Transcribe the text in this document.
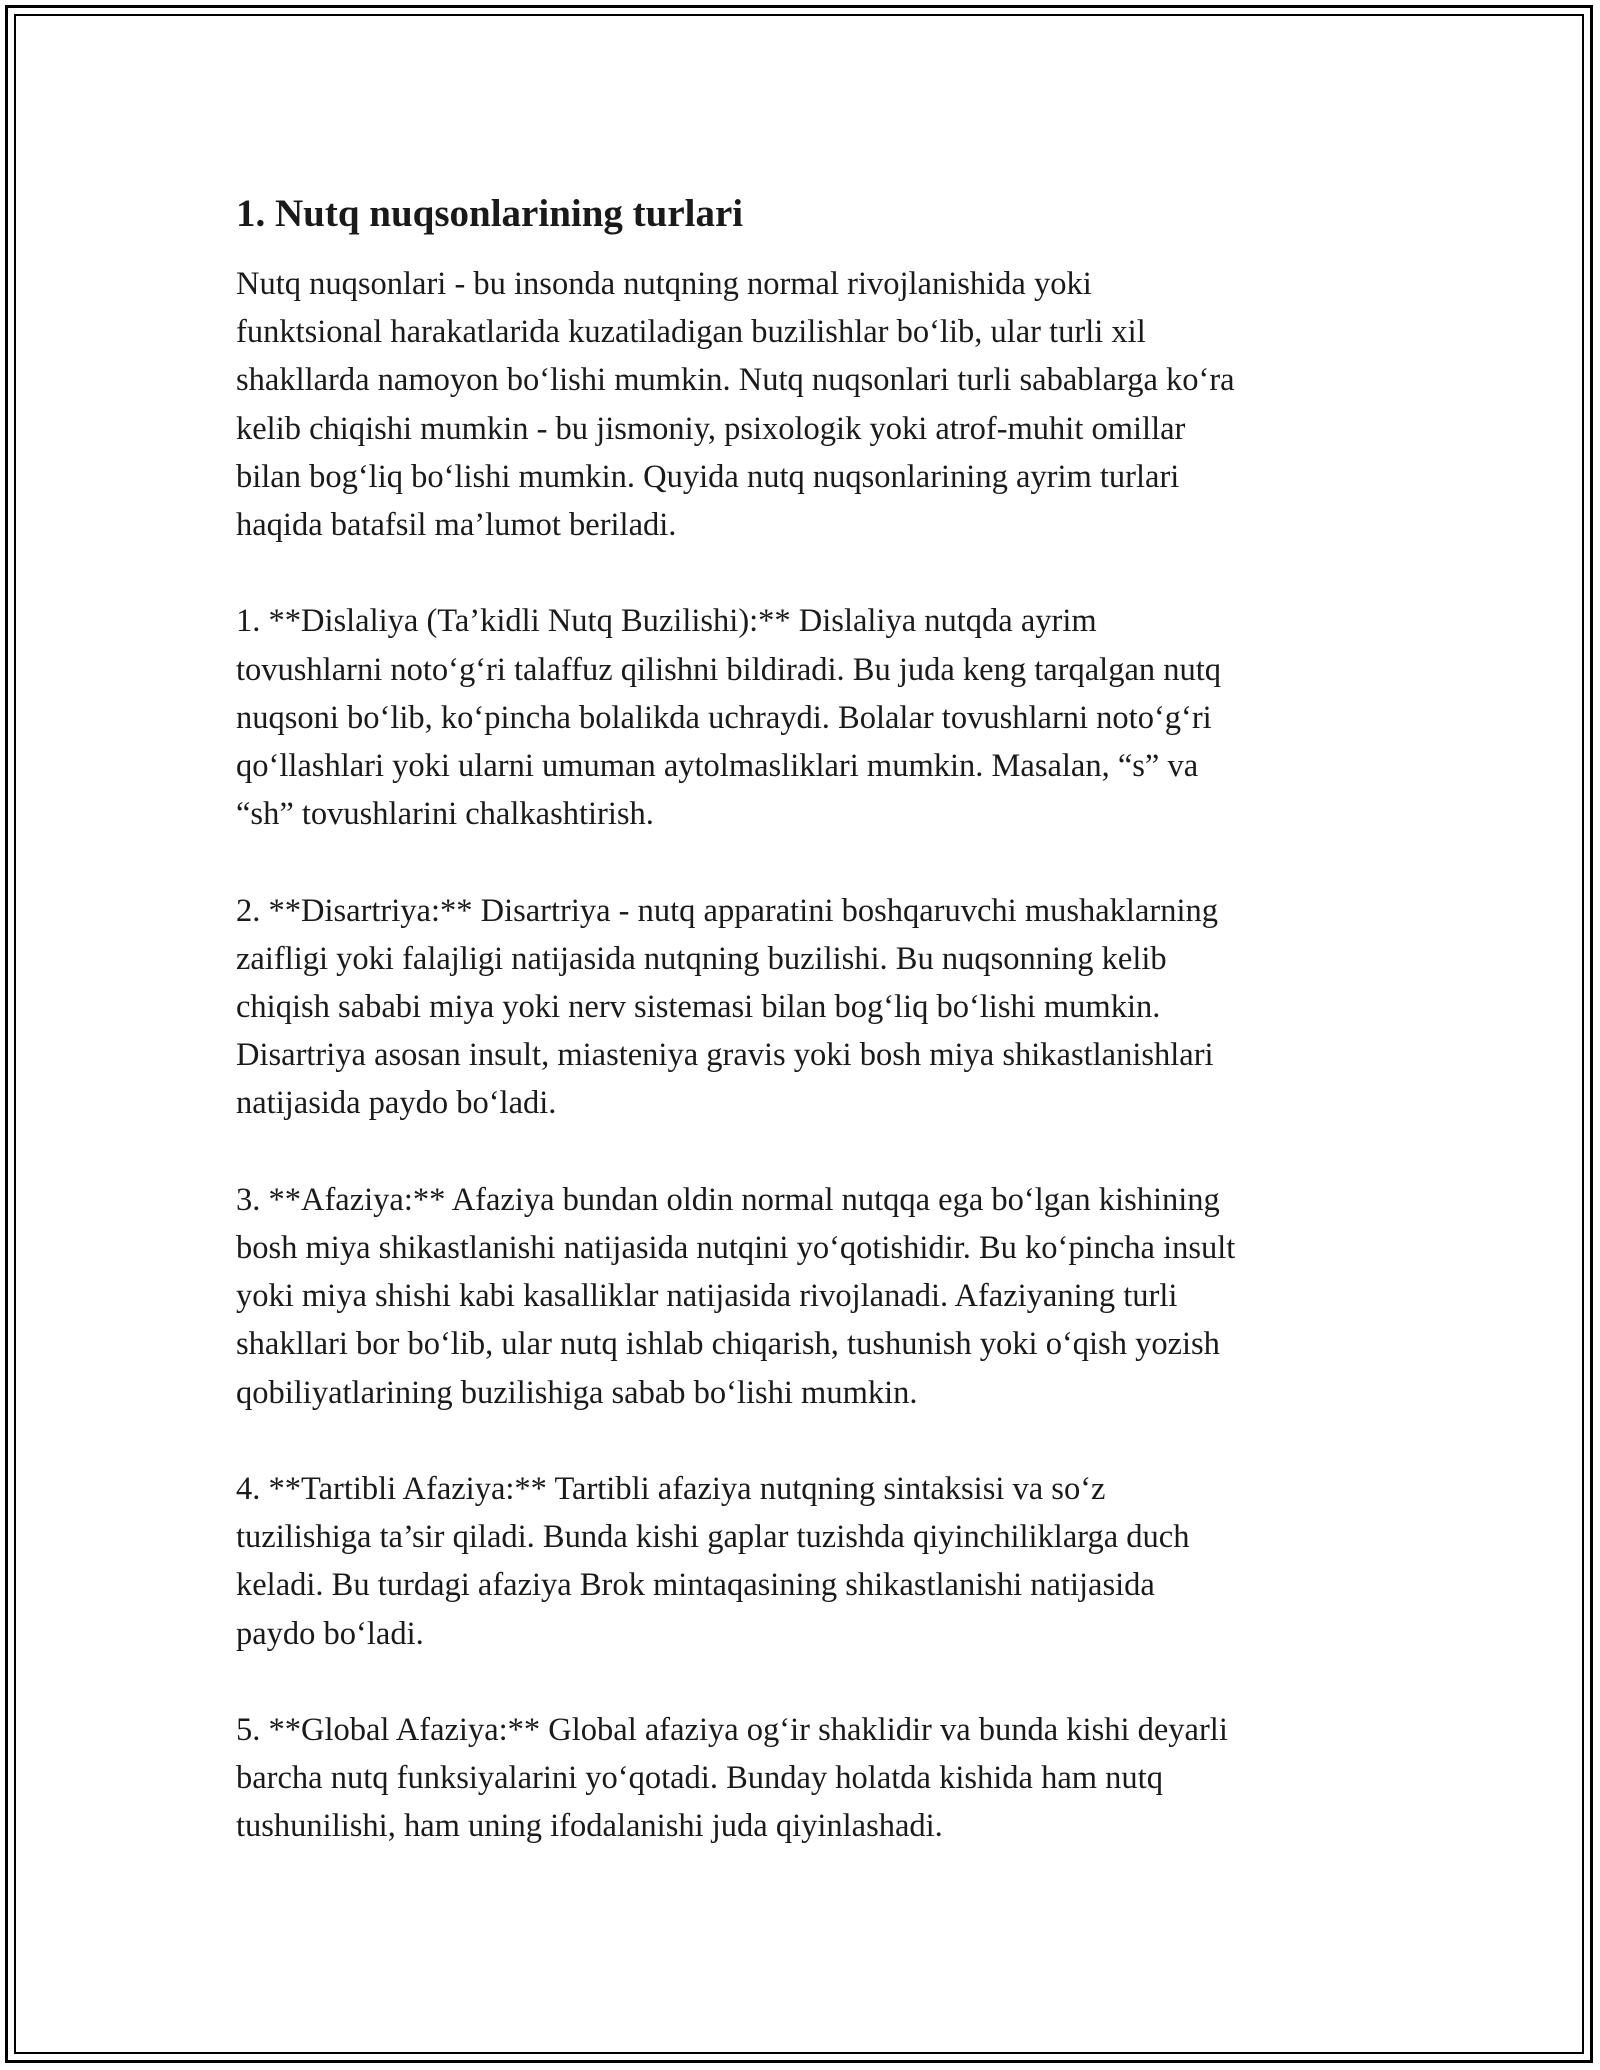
1. Nutq nuqsonlarining turlari

Nutq nuqsonlari - bu insonda nutqning normal rivojlanishida yoki
funktsional harakatlarida kuzatiladigan buzilishlar bo‘lib, ular turli xil
shakllarda namoyon bo‘lishi mumkin. Nutq nuqsonlari turli sabablarga ko‘ra
kelib chiqishi mumkin - bu jismoniy, psixologik yoki atrof-muhit omillar
bilan bog‘liq bo‘lishi mumkin. Quyida nutq nuqsonlarining ayrim turlari
haqida batafsil ma’lumot beriladi.

1. **Dislaliya (Ta’kidli Nutq Buzilishi):** Dislaliya nutqda ayrim
tovushlarni noto‘g‘ri talaffuz qilishni bildiradi. Bu juda keng tarqalgan nutq
nuqsoni bo‘lib, ko‘pincha bolalikda uchraydi. Bolalar tovushlarni noto‘g‘ri
qo‘llashlari yoki ularni umuman aytolmasliklari mumkin. Masalan, “s” va
“sh” tovushlarini chalkashtirish.

2. **Disartriya:** Disartriya - nutq apparatini boshqaruvchi mushaklarning
zaifligi yoki falajligi natijasida nutqning buzilishi. Bu nuqsonning kelib
chiqish sababi miya yoki nerv sistemasi bilan bog‘liq bo‘lishi mumkin.
Disartriya asosan insult, miasteniya gravis yoki bosh miya shikastlanishlari
natijasida paydo bo‘ladi.

3. **Afaziya:** Afaziya bundan oldin normal nutqqa ega bo‘lgan kishining
bosh miya shikastlanishi natijasida nutqini yo‘qotishidir. Bu ko‘pincha insult
yoki miya shishi kabi kasalliklar natijasida rivojlanadi. Afaziyaning turli
shakllari bor bo‘lib, ular nutq ishlab chiqarish, tushunish yoki o‘qish yozish
qobiliyatlarining buzilishiga sabab bo‘lishi mumkin.

4. **Tartibli Afaziya:** Tartibli afaziya nutqning sintaksisi va so‘z
tuzilishiga ta’sir qiladi. Bunda kishi gaplar tuzishda qiyinchiliklarga duch
keladi. Bu turdagi afaziya Brok mintaqasining shikastlanishi natijasida
paydo bo‘ladi.

5. **Global Afaziya:** Global afaziya og‘ir shaklidir va bunda kishi deyarli
barcha nutq funksiyalarini yo‘qotadi. Bunday holatda kishida ham nutq
tushunilishi, ham uning ifodalanishi juda qiyinlashadi.
